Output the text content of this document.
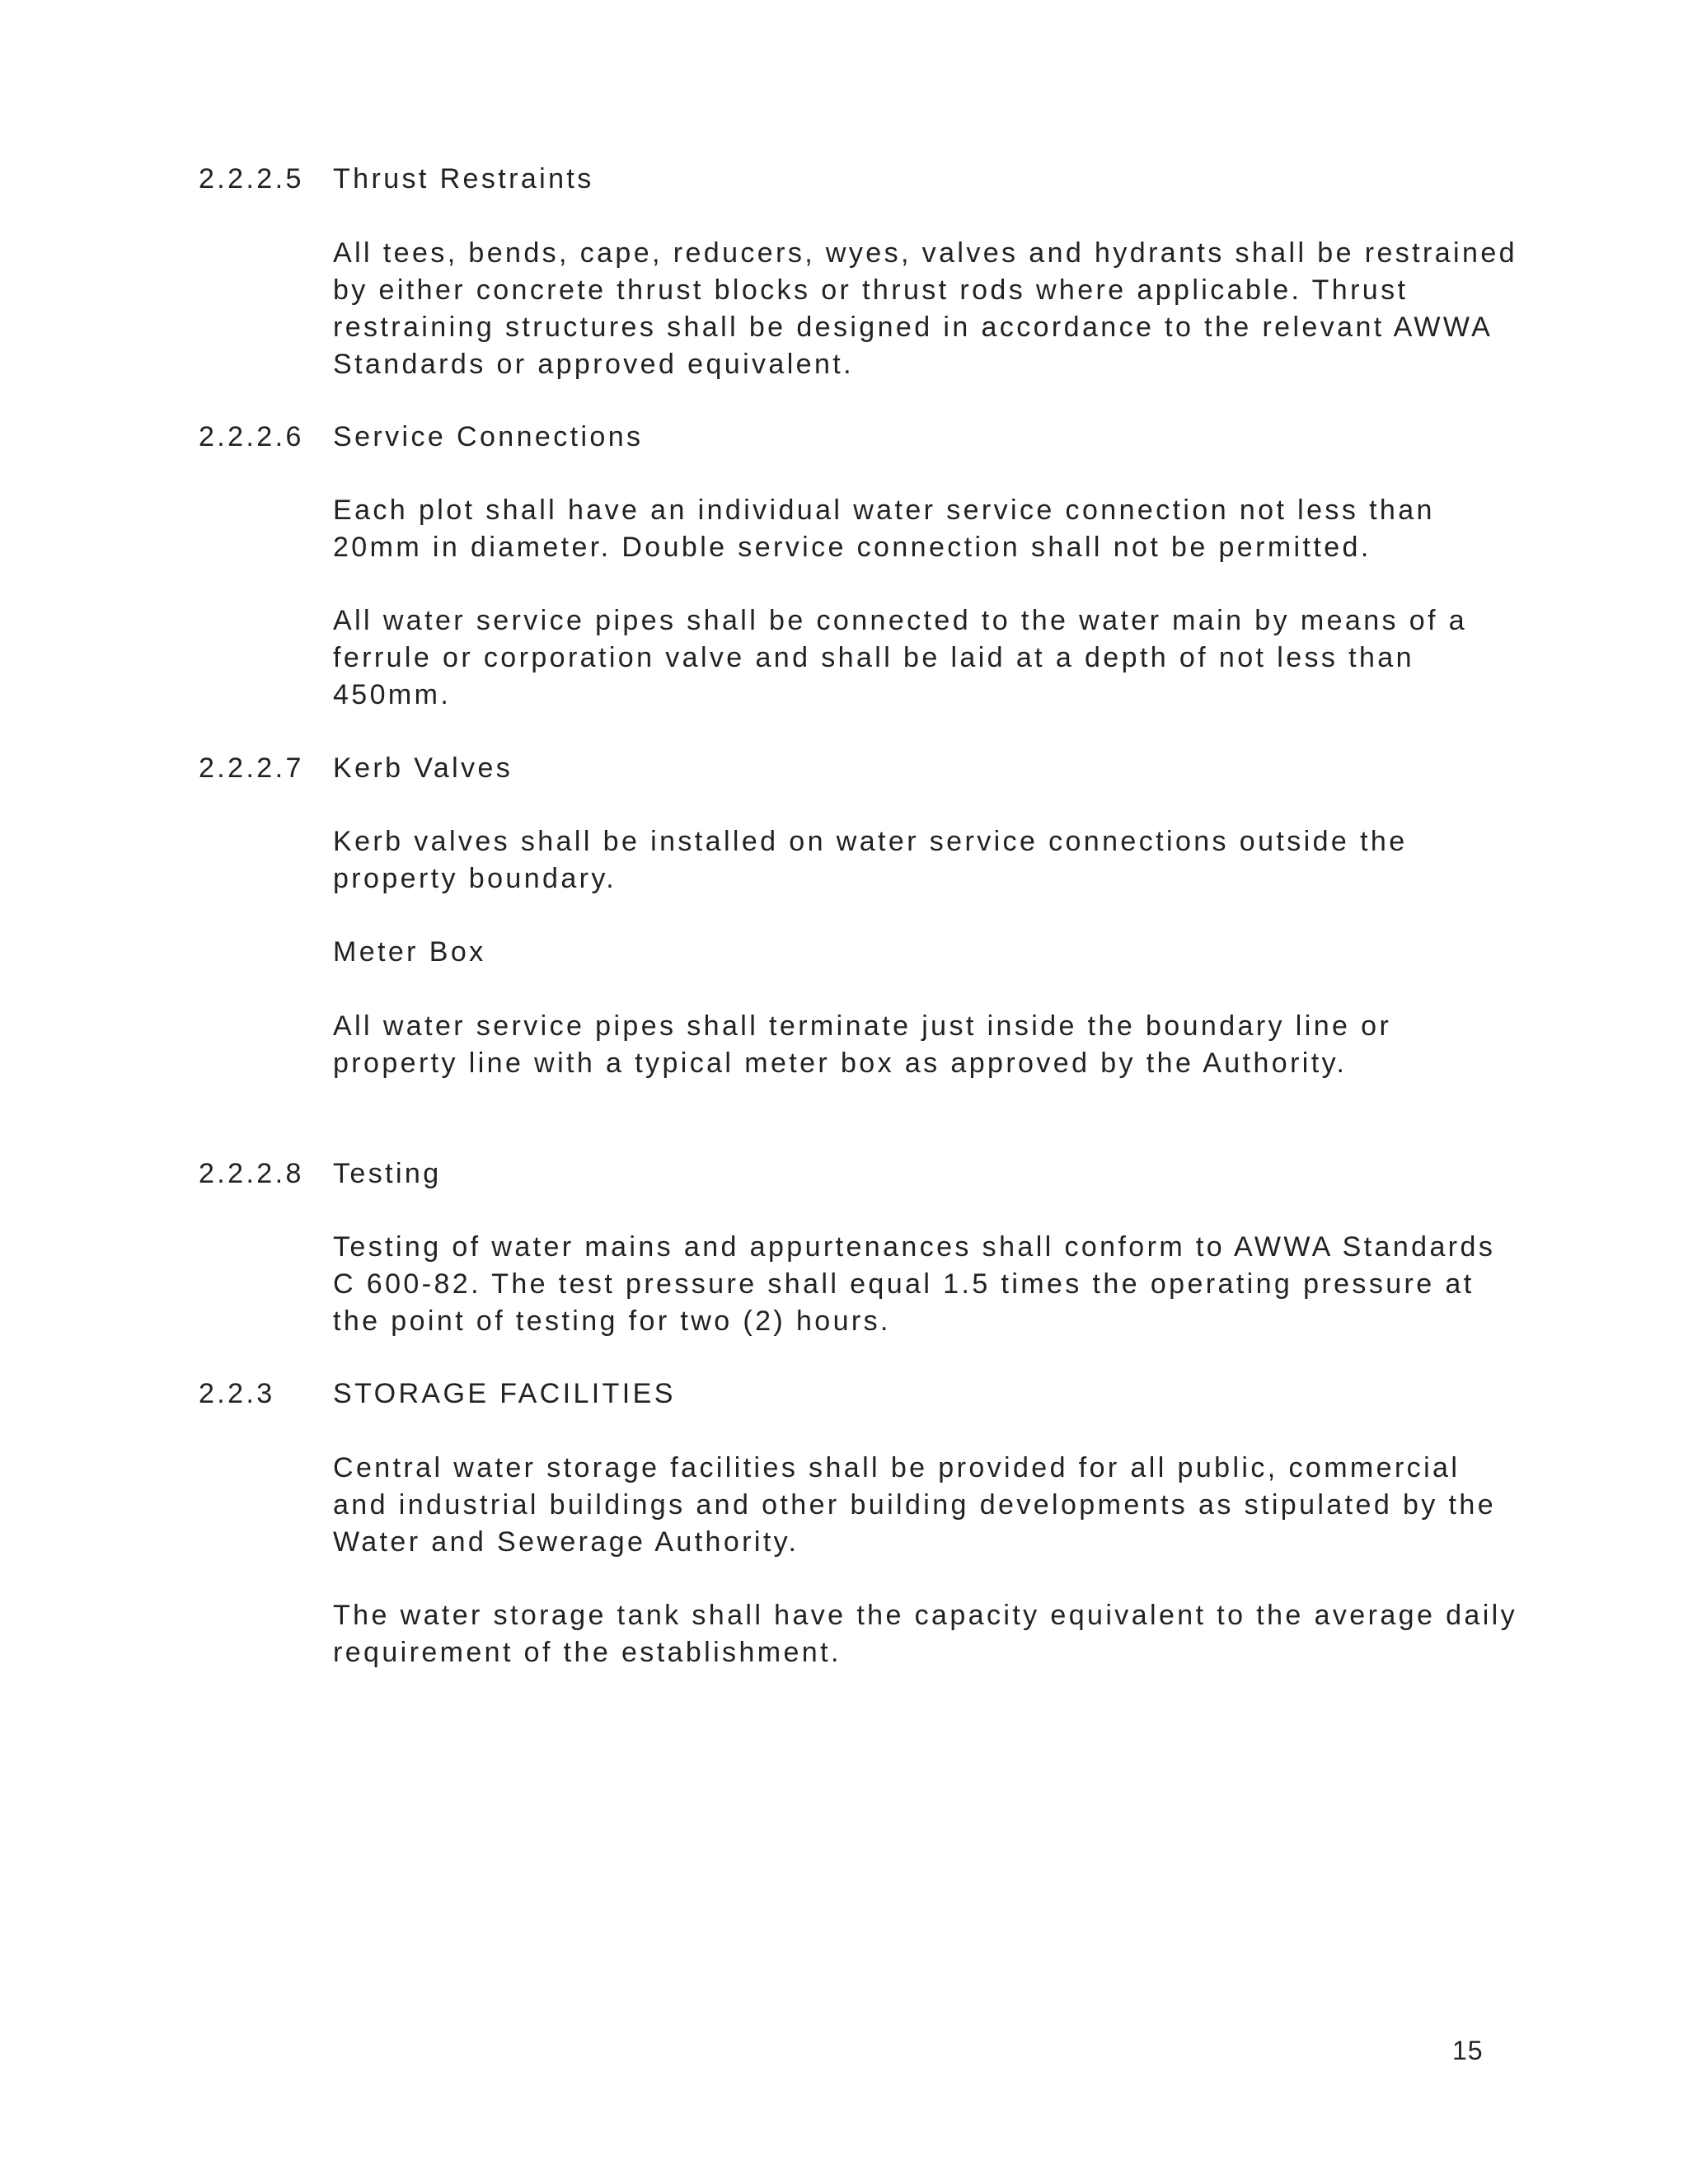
2.2.2.5 Thrust Restraints

All tees, bends, cape, reducers, wyes, valves and hydrants shall be restrained

by either concrete thrust blocks or thrust rods where applicable. Thrust

restraining structures shall be designed in accordance to the relevant AWWA

Standards or approved equivalent.

2.2.2.6 Service Connections

Each plot shall have an individual water service connection not less than

20mm in diameter. Double service connection shall not be permitted.

All water service pipes shall be connected to the water main by means of a

ferrule or corporation valve and shall be laid at a depth of not less than

450mm.

2.2.2.7 Kerb Valves

Kerb valves shall be installed on water service connections outside the

property boundary.

Meter Box

All water service pipes shall terminate just inside the boundary line or

property line with a typical meter box as approved by the Authority.

2.2.2.8 Testing

Testing of water mains and appurtenances shall conform to AWWA Standards

C 600-82. The test pressure shall equal 1.5 times the operating pressure at

the point of testing for two (2) hours.

2.2.3 STORAGE FACILITIES

Central water storage facilities shall be provided for all public, commercial

and industrial buildings and other building developments as stipulated by the

Water and Sewerage Authority.

The water storage tank shall have the capacity equivalent to the average daily

requirement of the establishment.

15
